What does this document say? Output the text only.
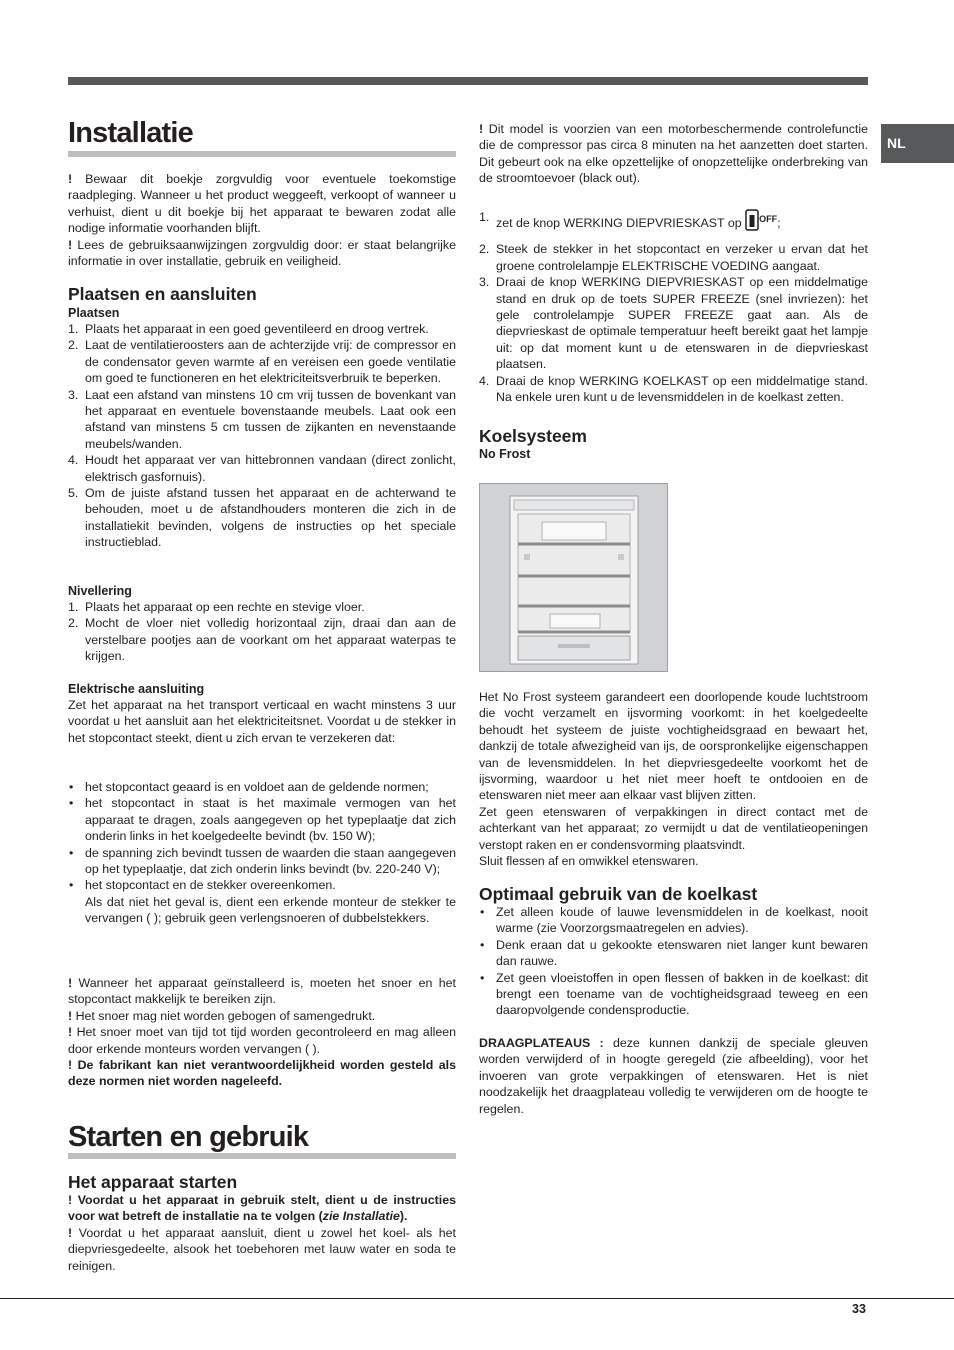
NL
Installatie

! Bewaar dit boekje zorgvuldig voor eventuele toekomstige raadpleging. Wanneer u het product weggeeft, verkoopt of wanneer u verhuist, dient u dit boekje bij het apparaat te bewaren zodat alle nodige informatie voorhanden blijft.

! Lees de gebruiksaanwijzingen zorgvuldig door: er staat belangrijke informatie in over installatie, gebruik en veiligheid.

Plaatsen en aansluiten
Plaatsen
1. Plaats het apparaat in een goed geventileerd en droog vertrek.
2. Laat de ventilatieroosters aan de achterzijde vrij: de compressor en de condensator geven warmte af en vereisen een goede ventilatie om goed te functioneren en het elektriciteitsverbruik te beperken.
3. Laat een afstand van minstens 10 cm vrij tussen de bovenkant van het apparaat en eventuele bovenstaande meubels. Laat ook een afstand van minstens 5 cm tussen de zijkanten en nevenstaande meubels/wanden.
4. Houdt het apparaat ver van hittebronnen vandaan (direct zonlicht, elektrisch gasfornuis).
5. Om de juiste afstand tussen het apparaat en de achterwand te behouden, moet u de afstandhouders monteren die zich in de installatiekit bevinden, volgens de instructies op het speciale instructieblad.
Nivellering
1. Plaats het apparaat op een rechte en stevige vloer.
2. Mocht de vloer niet volledig horizontaal zijn, draai dan aan de verstelbare pootjes aan de voorkant om het apparaat waterpas te krijgen.
Elektrische aansluiting
Zet het apparaat na het transport verticaal en wacht minstens 3 uur voordat u het aansluit aan het elektriciteitsnet. Voordat u de stekker in het stopcontact steekt, dient u zich ervan te verzekeren dat:
• het stopcontact geaard is en voldoet aan de geldende normen;
• het stopcontact in staat is het maximale vermogen van het apparaat te dragen, zoals aangegeven op het typeplaatje dat zich onderin links in het koelgedeelte bevindt (bv. 150 W);
• de spanning zich bevindt tussen de waarden die staan aangegeven op het typeplaatje, dat zich onderin links bevindt (bv. 220-240 V);
• het stopcontact en de stekker overeenkomen.
Als dat niet het geval is, dient een erkende monteur de stekker te vervangen ( ); gebruik geen verlengsnoeren of dubbelstekkers.

! Wanneer het apparaat geïnstalleerd is, moeten het snoer en het stopcontact makkelijk te bereiken zijn.

! Het snoer mag niet worden gebogen of samengedrukt.

! Het snoer moet van tijd tot tijd worden gecontroleerd en mag alleen door erkende monteurs worden vervangen ( ).

! De fabrikant kan niet verantwoordelijkheid worden gesteld als deze normen niet worden nageleefd.

Starten en gebruik
Het apparaat starten

! Voordat u het apparaat in gebruik stelt, dient u de instructies voor wat betreft de installatie na te volgen (zie Installatie).

! Voordat u het apparaat aansluit, dient u zowel het koel- als het diepvriesgedeelte, alsook het toebehoren met lauw water en soda te reinigen.

! Dit model is voorzien van een motorbeschermende controlefunctie die de compressor pas circa 8 minuten na het aanzetten doet starten. Dit gebeurt ook na elke opzettelijke of onopzettelijke onderbreking van de stroomtoevoer (black out).

1. zet de knop WERKING DIEPVRIESKAST op $^{OFF}$;
2. Steek de stekker in het stopcontact en verzeker u ervan dat het groene controlelampje ELEKTRISCHE VOEDING aangaat.
3. Draai de knop WERKING DIEPVRIESKAST op een middelmatige stand en druk op de toets SUPER FREEZE (snel invriezen): het gele controlelampje SUPER FREEZE gaat aan. Als de diepvrieskast de optimale temperatuur heeft bereikt gaat het lampje uit: op dat moment kunt u de etenswaren in de diepvrieskast plaatsen.
4. Draai de knop WERKING KOELKAST op een middelmatige stand. Na enkele uren kunt u de levensmiddelen in de koelkast zetten.
Koelsysteem
No Frost

Het No Frost systeem garandeert een doorlopende koude luchtstroom die vocht verzamelt en ijsvorming voorkomt: in het koelgedeelte behoudt het systeem de juiste vochtigheidsgraad en bewaart het, dankzij de totale afwezigheid van ijs, de oorspronkelijke eigenschappen van de levensmiddelen. In het diepvriesgedeelte voorkomt het de ijsvorming, waardoor u het niet meer hoeft te ontdooien en de etenswaren niet meer aan elkaar vast blijven zitten.

Zet geen etenswaren of verpakkingen in direct contact met de achterkant van het apparaat; zo vermijdt u dat de ventilatieopeningen verstopt raken en er condensvorming plaatsvindt.

Sluit flessen af en omwikkel etenswaren.

Optimaal gebruik van de koelkast
• Zet alleen koude of lauwe levensmiddelen in de koelkast, nooit warme (zie Voorzorgsmaatregelen en advies).
• Denk eraan dat u gekookte etenswaren niet langer kunt bewaren dan rauwe.
• Zet geen vloeistoffen in open flessen of bakken in de koelkast: dit brengt een toename van de vochtigheidsgraad teweeg en een daaropvolgende condensproductie.

DRAAGPLATEAUS : deze kunnen dankzij de speciale gleuven worden verwijderd of in hoogte geregeld (zie afbeelding), voor het invoeren van grote verpakkingen of etenswaren. Het is niet noodzakelijk het draagplateau volledig te verwijderen om de hoogte te regelen.

33
